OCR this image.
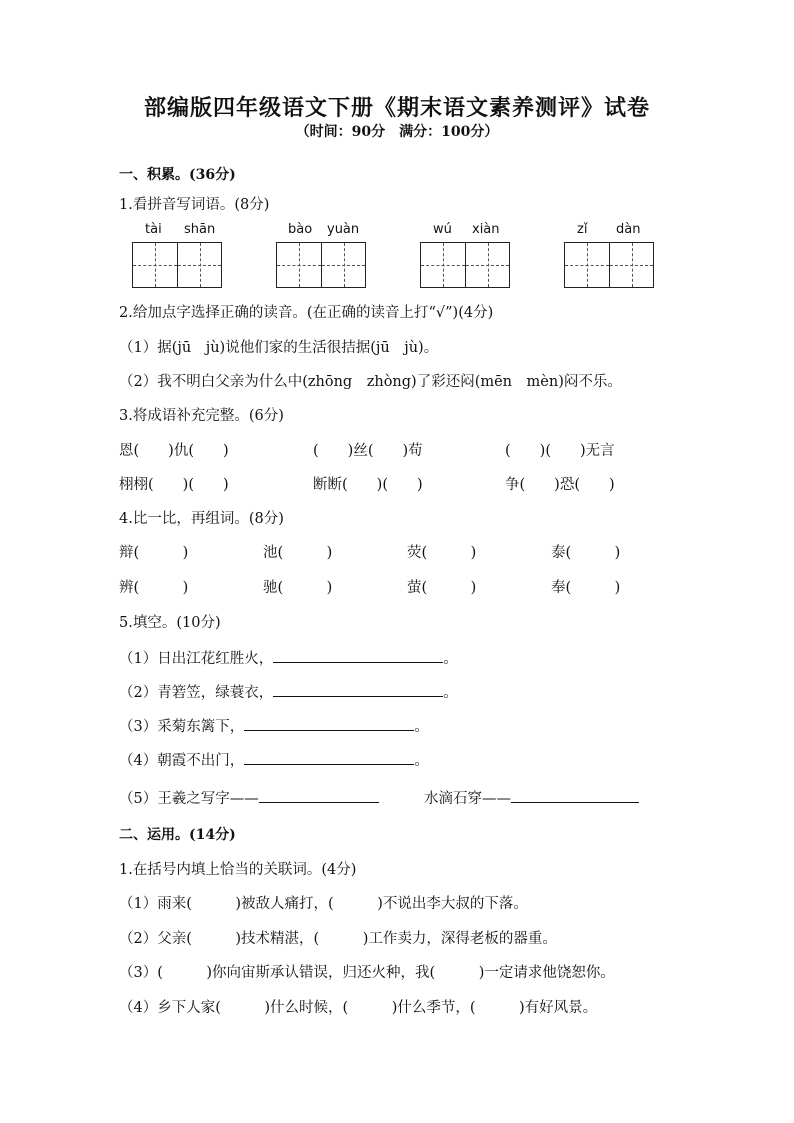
部编版四年级语文下册《期末语文素养测评》试卷
（时间：90分　满分：100分）
一、积累。(36分)
1.看拼音写词语。(8分)
tài shān	bào yuàn	wú xiàn	zǐ dàn
2.给加点字选择正确的读音。(在正确的读音上打“√”)(4分)
（1）据(jū　jù)说他们家的生活很拮据(jū　jù)。
（2）我不明白父亲为什么中(zhōng　zhòng)了彩还闷(mēn　mèn)闷不乐。
3.将成语补充完整。(6分)
恩(　　)仇(　　)	(　　)丝(　　)苟	(　　)(　　)无言
栩栩(　　)(　　)	断断(　　)(　　)	争(　　)恐(　　)
4.比一比，再组词。(8分)
辩(　　　)	池(　　　)	荧(　　　)	泰(　　　)
辨(　　　)	驰(　　　)	萤(　　　)	奉(　　　)
5.填空。(10分)
（1）日出江花红胜火，	。
（2）青箬笠，绿蓑衣，	。
（3）采菊东篱下，	。
（4）朝霞不出门，	。
（5）王羲之写字——	水滴石穿——
二、运用。(14分)
1.在括号内填上恰当的关联词。(4分)
（1）雨来(　　　)被敌人痛打，(　　　)不说出李大叔的下落。
（2）父亲(　　　)技术精湛，(　　　)工作卖力，深得老板的器重。
（3）(　　　)你向宙斯承认错误，归还火种，我(　　　)一定请求他饶恕你。
（4）乡下人家(　　　)什么时候，(　　　)什么季节，(　　　)有好风景。
